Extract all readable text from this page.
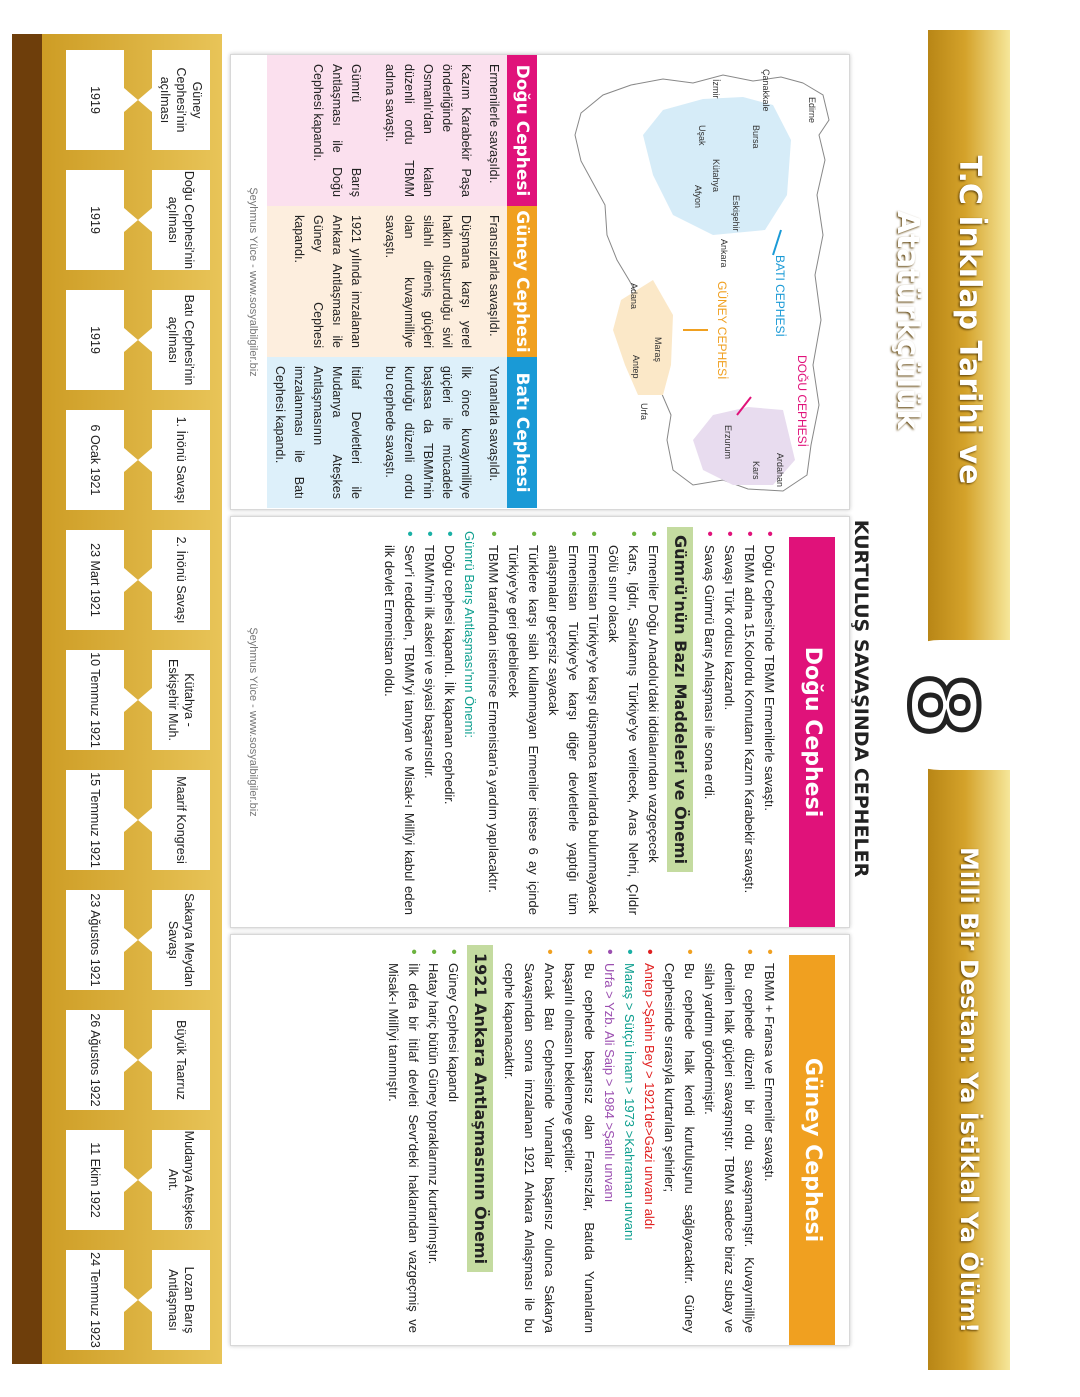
T.C İnkılap Tarihi ve Atatürkçülük
Milli Bir Destan: Ya İstiklal Ya Ölüm!
8
KURTULUŞ SAVAŞINDA CEPHELER
Edirne
Çanakkale
Bursa
İzmir
Uşak
Kütahya
Eskişehir
Afyon
Ankara
Adana
Maraş
Antep
Urfa
Erzurum
Kars Ardahan
BATI CEPHESİ
GÜNEY CEPHESİ
DOĞU CEPHESİ
Doğu Cephesi
Ermenilerle savaşıldı.
Kazım Karabekir Paşa önderliğinde Osmanlı'dan kalan düzenli ordu TBMM adına savaştı.
Gümrü Barış Antlaşması ile Doğu Cephesi kapandı.
Güney Cephesi
Fransızlarla savaşıldı.
Düşmana karşı yerel halkın oluşturduğu sivil silahlı direniş güçleri olan kuvayımilliye savaştı.
1921 yılında imzalanan Ankara Antlaşması ile Güney Cephesi kapandı.
Batı Cephesi
Yunanlarla savaşıldı.
İlk önce kuvayımilliye güçleri ile mücadele başlasa da TBMM'nin kurduğu düzenli ordu bu cephede savaştı.
İtilaf Devletleri ile Mudanya Ateşkes Antlaşmasının imzalanması ile Batı Cephesi kapandı.
Şeyhmus Yüce - www.sosyalbilgiler.biz
Doğu Cephesi
• Doğu Cephesi'nde TBMM Ermenilerle savaştı.
• TBMM adına 15.Kolordu Komutanı Kazım Karabekir savaştı.
• Savaşı Türk ordusu kazandı.
• Savaş Gümrü Barış Anlaşması ile sona erdi.
Gümrü'nün Bazı Maddeleri ve Önemi
• Ermeniler Doğu Anadolu'daki iddialarından vazgeçecek
• Kars, Iğdır, Sarıkamış Türkiye'ye verilecek, Aras Nehri, Çıldır Gölü sınır olacak
• Ermenistan Türkiye'ye karşı düşmanca tavırlarda bulunmayacak
• Ermenistan Türkiye'ye karşı diğer devletlerle yaptığı tüm anlaşmaları geçersiz sayacak
• Türklere karşı silah kullanmayan Ermeniler istese 6 ay içinde Türkiye'ye geri gelebilecek
• TBMM tarafından istenirse Ermenistan'a yardım yapılacaktır.
Gümrü Barış Antlaşması'nın Önemi:
• Doğu cephesi kapandı. İlk kapanan cephedir.
• TBMM'nin ilk askeri ve siyasi başarısıdır.
• Sevr'i reddeden, TBMM'yi tanıyan ve Misak-ı Millîyi kabul eden ilk devlet Ermenistan oldu.
Şeyhmus Yüce - www.sosyalbilgiler.biz
Güney Cephesi
• TBMM + Fransa ve Ermeniler savaştı.
• Bu cephede düzenli bir ordu savaşmamıştır. Kuvayımilliye denilen halk güçleri savaşmıştır. TBMM sadece biraz subay ve silah yardımı göndermiştir.
• Bu cephede halk kendi kurtuluşunu sağlayacaktır. Güney Cephesinde sırasıyla kurtarılan şehirler;
• Antep >Şahin Bey > 1921'de>Gazi unvanı aldı
• Maraş > Sütçü İmam > 1973 >Kahraman unvanı
• Urfa > Yzb. Ali Saip > 1984 >Şanlı unvanı
• Bu cephede başarısız olan Fransızlar, Batıda Yunanların başarılı olmasını beklemeye geçtiler.
• Ancak Batı Cephesinde Yunanlar başarısız olunca Sakarya Savaşından sonra imzalanan 1921 Ankara Anlaşması ile bu cephe kapanacaktır.
1921 Ankara Antlaşmasının Önemi
• Güney Cephesi kapandı
• Hatay hariç bütün Güney topraklarımız kurtarılmıştır.
• İlk defa bir İtilaf devleti Sevr'deki haklarından vazgeçmiş ve Misak-ı Millîyi tanımıştır.
Güney Cephesi'nin açılması
1919
Doğu Cephesi'nin açılması
1919
Batı Cephesi'nin açılması
1919
1. İnönü Savaşı
6 Ocak 1921
2. İnönü Savaşı
23 Mart 1921
Kütahya - Eskişehir Muh.
10 Temmuz 1921
Maarif Kongresi
15 Temmuz 1921
Sakarya Meydan Savaşı
23 Ağustos 1921
Büyük Taarruz
26 Ağustos 1922
Mudanya Ateşkes Ant.
11 Ekim 1922
Lozan Barış Antlaşması
24 Temmuz 1923
